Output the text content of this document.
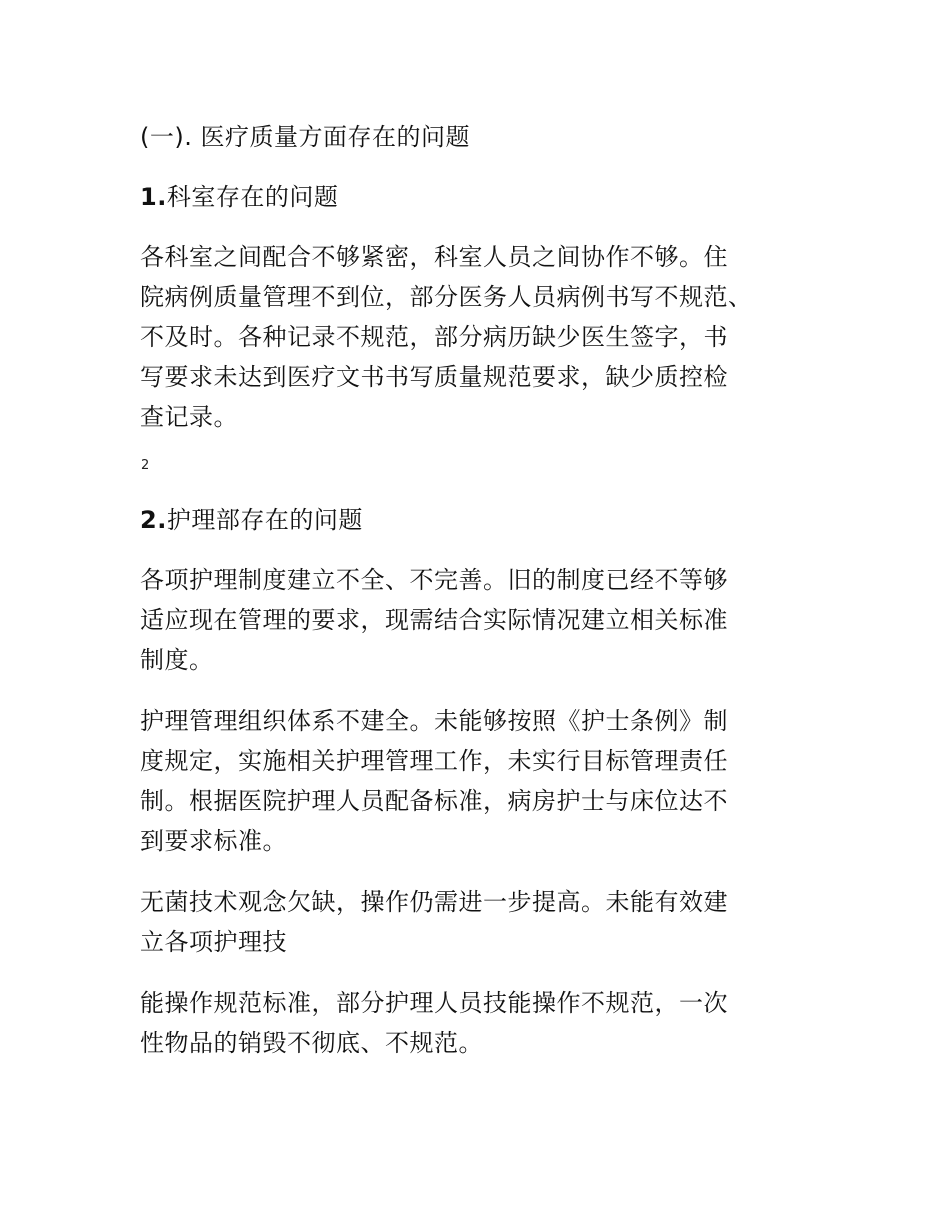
(一). 医疗质量方面存在的问题

1.科室存在的问题

各科室之间配合不够紧密，科室人员之间协作不够。住
院病例质量管理不到位，部分医务人员病例书写不规范、
不及时。各种记录不规范，部分病历缺少医生签字，书
写要求未达到医疗文书书写质量规范要求，缺少质控检
查记录。

2

2.护理部存在的问题

各项护理制度建立不全、不完善。旧的制度已经不等够
适应现在管理的要求，现需结合实际情况建立相关标准
制度。

护理管理组织体系不建全。未能够按照《护士条例》制
度规定，实施相关护理管理工作，未实行目标管理责任
制。根据医院护理人员配备标准，病房护士与床位达不
到要求标准。

无菌技术观念欠缺，操作仍需进一步提高。未能有效建
立各项护理技

能操作规范标准，部分护理人员技能操作不规范，一次
性物品的销毁不彻底、不规范。
